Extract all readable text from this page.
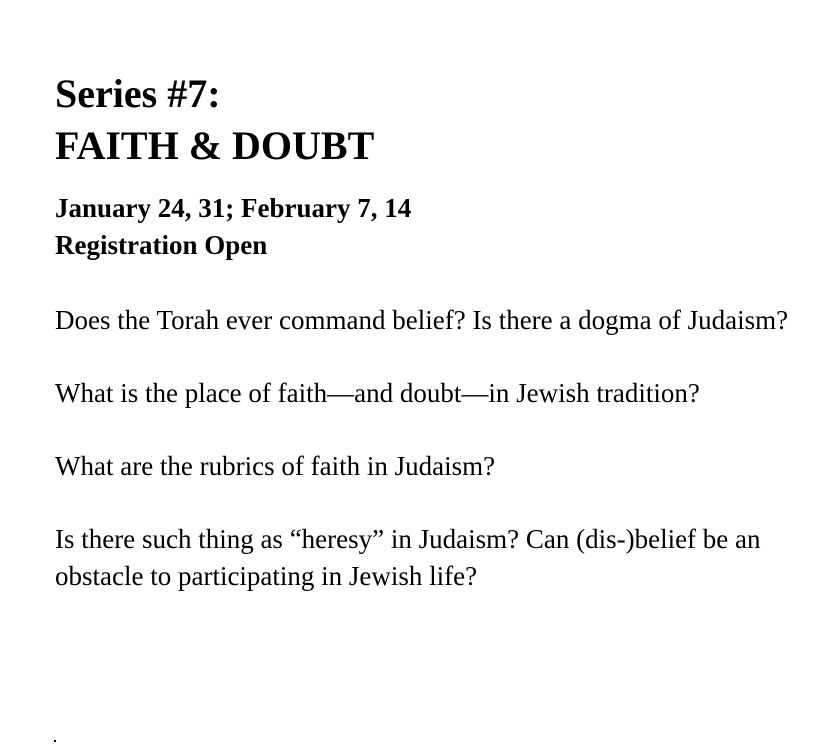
Series #7:
FAITH & DOUBT
January 24, 31; February 7, 14
Registration Open

Does the Torah ever command belief? Is there a dogma of Judaism?

What is the place of faith—and doubt—in Jewish tradition?

What are the rubrics of faith in Judaism?

Is there such thing as “heresy” in Judaism? Can (dis-)belief be an obstacle to participating in Jewish life?
